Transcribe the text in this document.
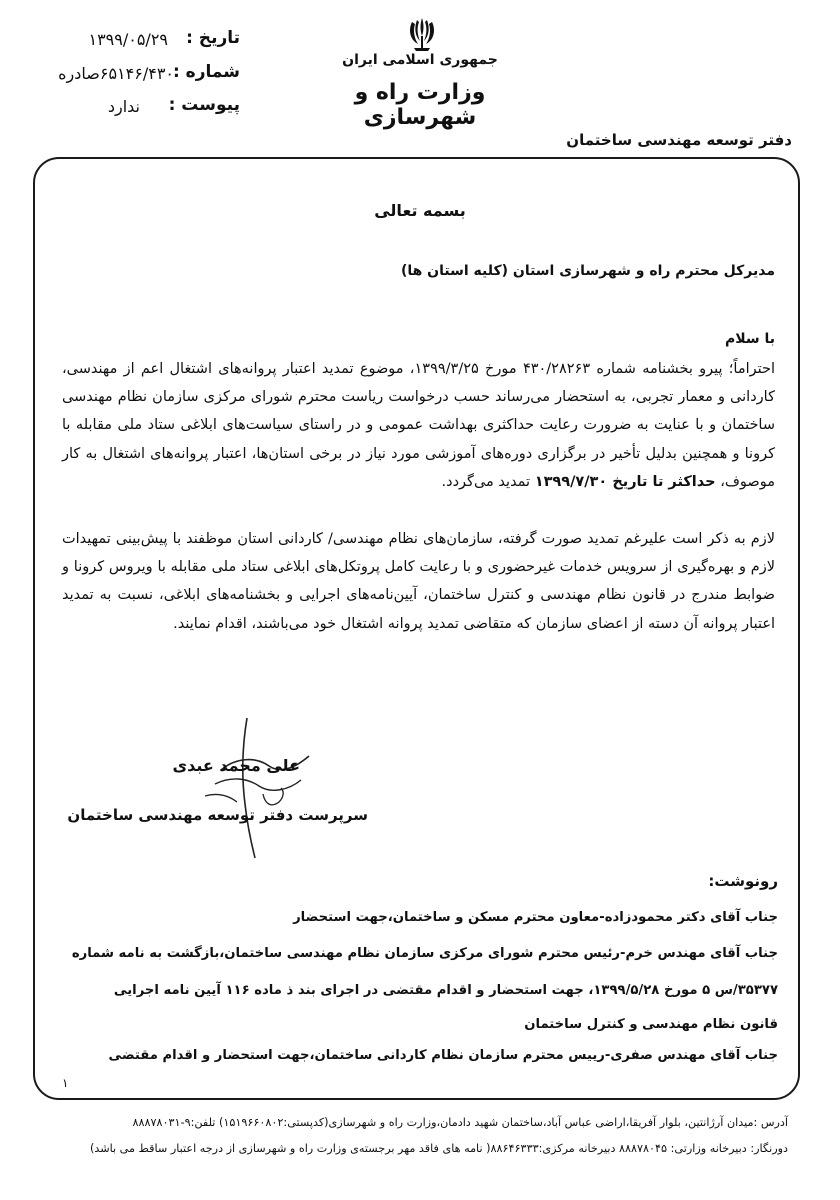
تاریخ :
۱۳۹۹/۰۵/۲۹
شماره :
۶۵۱۴۶/۴۳۰صادره
پیوست :
ندارد
جمهوری اسلامی ایران
وزارت راه و شهرسازی
دفتر توسعه مهندسی ساختمان
بسمه تعالی
مدیرکل محترم راه و شهرسازی استان (کلیه استان ها)
با سلام
احتراماً؛ پیرو بخشنامه شماره ۴۳۰/۲۸۲۶۳ مورخ ۱۳۹۹/۳/۲۵، موضوع تمدید اعتبار پروانه‌های اشتغال اعم از مهندسی، کاردانی و معمار تجربی، به استحضار می‌رساند حسب درخواست ریاست محترم شورای مرکزی سازمان نظام مهندسی ساختمان و با عنایت به ضرورت رعایت حداکثری بهداشت عمومی و در راستای سیاست‌های ابلاغی ستاد ملی مقابله با کرونا و همچنین بدلیل تأخیر در برگزاری دوره‌های آموزشی مورد نیاز در برخی استان‌ها، اعتبار پروانه‌های اشتغال به کار موصوف، حداکثر تا تاریخ ۱۳۹۹/۷/۳۰ تمدید می‌گردد.
لازم به ذکر است علیرغم تمدید صورت گرفته، سازمان‌های نظام مهندسی/ کاردانی استان موظفند با پیش‌بینی تمهیدات لازم و بهره‌گیری از سرویس خدمات غیرحضوری و با رعایت کامل پروتکل‌های ابلاغی ستاد ملی مقابله با ویروس کرونا و ضوابط مندرج در قانون نظام مهندسی و کنترل ساختمان، آیین‌نامه‌های اجرایی و بخشنامه‌های ابلاغی، نسبت به تمدید اعتبار پروانه آن دسته از اعضای سازمان که متقاضی تمدید پروانه اشتغال خود می‌باشند، اقدام نمایند.
علی محمد عبدی
سرپرست دفتر توسعه مهندسی ساختمان
رونوشت:
جناب آقای دکتر محمودزاده-معاون محترم مسکن و ساختمان،جهت استحضار
جناب آقای مهندس خرم-رئیس محترم شورای مرکزی سازمان نظام مهندسی ساختمان،بازگشت به نامه شماره
۳۵۳۷۷/س ۵ مورخ ۱۳۹۹/۵/۲۸، جهت استحضار و اقدام مقتضی در اجرای بند ذ ماده ۱۱۶ آیین نامه اجرایی
قانون نظام مهندسی و کنترل ساختمان
جناب آقای مهندس صفری-رییس محترم سازمان نظام کاردانی ساختمان،جهت استحضار و اقدام مقتضی
۱
آدرس :میدان آرژانتین، بلوار آفریقا،اراضی عباس آباد،ساختمان شهید دادمان،وزارت راه و شهرسازی(کدپستی:۱۵۱۹۶۶۰۸۰۲) تلفن:۹-۸۸۸۷۸۰۳۱
دورنگار: دبیرخانه وزارتی: ۸۸۸۷۸۰۴۵ دبیرخانه مرکزی:۸۸۶۴۶۳۳۳( نامه های فاقد مهر برجسته‌ی وزارت راه و شهرسازی از درجه اعتبار ساقط می باشد)
